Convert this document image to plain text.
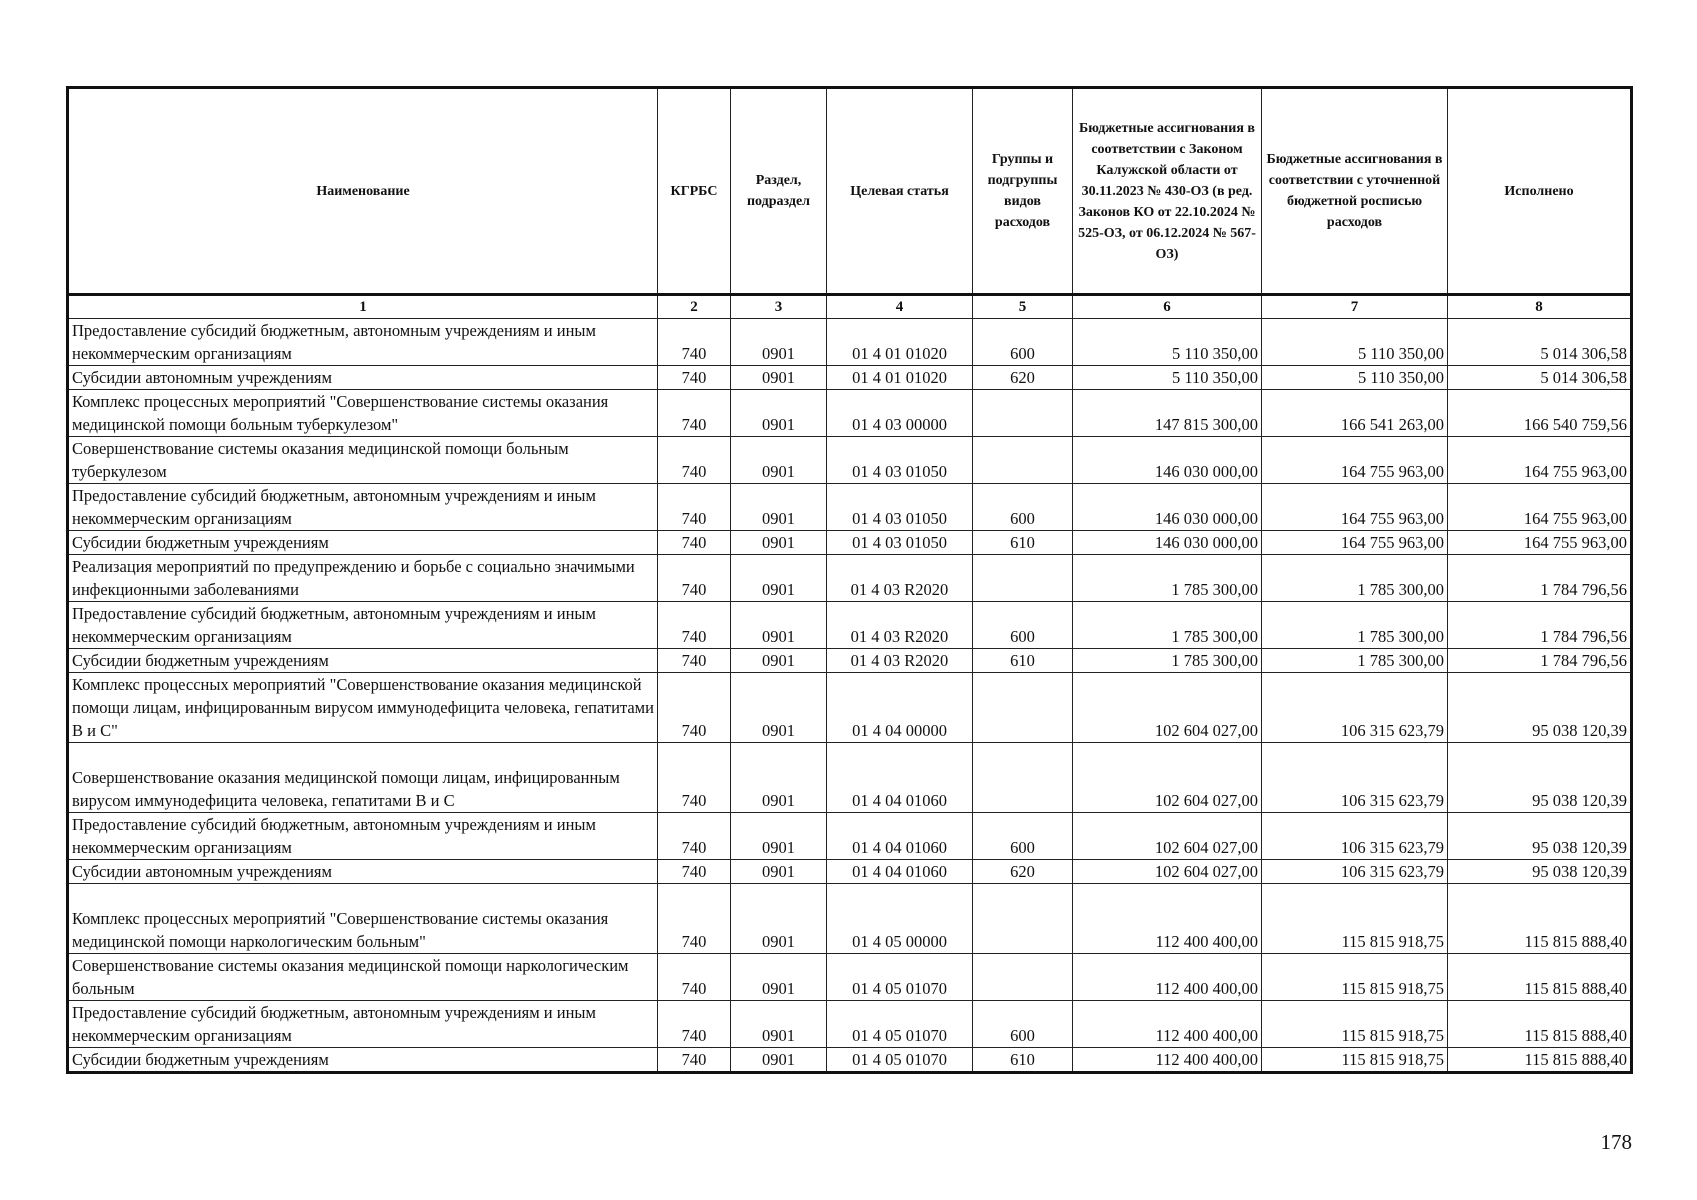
Наименование	КГРБС	Раздел, подраздел	Целевая статья	Группы и подгруппы видов расходов	Бюджетные ассигнования в соответствии с Законом Калужской области от 30.11.2023 № 430-ОЗ (в ред. Законов КО от 22.10.2024 № 525-ОЗ, от 06.12.2024 № 567-ОЗ)	Бюджетные ассигнования в соответствии с уточненной бюджетной росписью расходов	Исполнено
1	2	3	4	5	6	7	8
Предоставление субсидий бюджетным, автономным учреждениям и иным некоммерческим организациям	740	0901	01 4 01 01020	600	5 110 350,00	5 110 350,00	5 014 306,58
Субсидии автономным учреждениям	740	0901	01 4 01 01020	620	5 110 350,00	5 110 350,00	5 014 306,58
Комплекс процессных мероприятий "Совершенствование системы оказания медицинской помощи больным туберкулезом"	740	0901	01 4 03 00000		147 815 300,00	166 541 263,00	166 540 759,56
Совершенствование системы оказания медицинской помощи больным туберкулезом	740	0901	01 4 03 01050		146 030 000,00	164 755 963,00	164 755 963,00
Предоставление субсидий бюджетным, автономным учреждениям и иным некоммерческим организациям	740	0901	01 4 03 01050	600	146 030 000,00	164 755 963,00	164 755 963,00
Субсидии бюджетным учреждениям	740	0901	01 4 03 01050	610	146 030 000,00	164 755 963,00	164 755 963,00
Реализация мероприятий по предупреждению и борьбе с социально значимыми инфекционными заболеваниями	740	0901	01 4 03 R2020		1 785 300,00	1 785 300,00	1 784 796,56
Предоставление субсидий бюджетным, автономным учреждениям и иным некоммерческим организациям	740	0901	01 4 03 R2020	600	1 785 300,00	1 785 300,00	1 784 796,56
Субсидии бюджетным учреждениям	740	0901	01 4 03 R2020	610	1 785 300,00	1 785 300,00	1 784 796,56
Комплекс процессных мероприятий "Совершенствование оказания медицинской помощи лицам, инфицированным вирусом иммунодефицита человека, гепатитами В и С"	740	0901	01 4 04 00000		102 604 027,00	106 315 623,79	95 038 120,39
Совершенствование оказания медицинской помощи лицам, инфицированным вирусом иммунодефицита человека, гепатитами В и С	740	0901	01 4 04 01060		102 604 027,00	106 315 623,79	95 038 120,39
Предоставление субсидий бюджетным, автономным учреждениям и иным некоммерческим организациям	740	0901	01 4 04 01060	600	102 604 027,00	106 315 623,79	95 038 120,39
Субсидии автономным учреждениям	740	0901	01 4 04 01060	620	102 604 027,00	106 315 623,79	95 038 120,39
Комплекс процессных мероприятий "Совершенствование системы оказания медицинской помощи наркологическим больным"	740	0901	01 4 05 00000		112 400 400,00	115 815 918,75	115 815 888,40
Совершенствование системы оказания медицинской помощи наркологическим больным	740	0901	01 4 05 01070		112 400 400,00	115 815 918,75	115 815 888,40
Предоставление субсидий бюджетным, автономным учреждениям и иным некоммерческим организациям	740	0901	01 4 05 01070	600	112 400 400,00	115 815 918,75	115 815 888,40
Субсидии бюджетным учреждениям	740	0901	01 4 05 01070	610	112 400 400,00	115 815 918,75	115 815 888,40
178
